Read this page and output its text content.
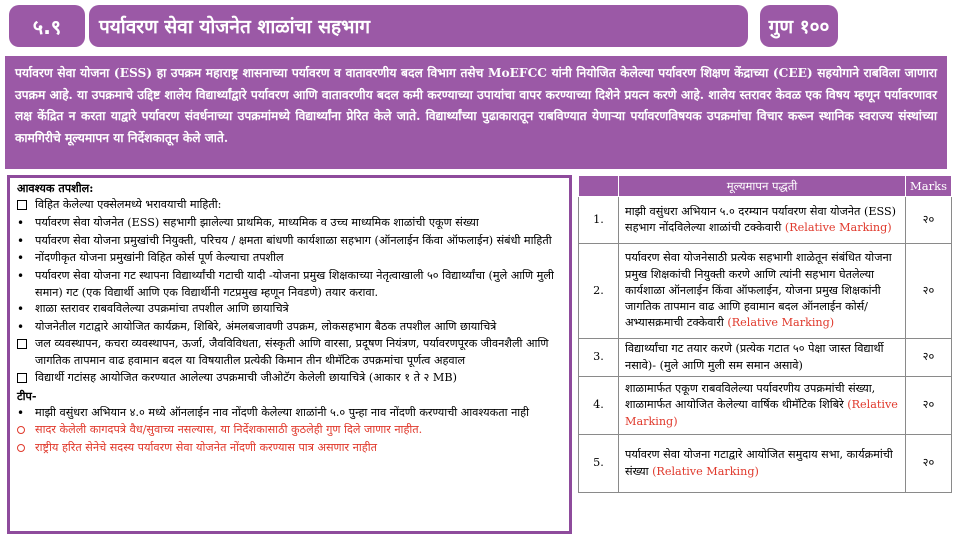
५.९	पर्यावरण सेवा योजनेत शाळांचा सहभाग	गुण १००
पर्यावरण सेवा योजना (ESS) हा उपक्रम महाराष्ट्र शासनाच्या पर्यावरण व वातावरणीय बदल विभाग तसेच MoEFCC यांनी नियोजित केलेल्या पर्यावरण शिक्षण केंद्राच्या (CEE) सहयोगाने राबविला जाणारा उपक्रम आहे. या उपक्रमाचे उद्दिष्ट शालेय विद्यार्थ्यांद्वारे पर्यावरण आणि वातावरणीय बदल कमी करण्याच्या उपायांचा वापर करण्याच्या दिशेने प्रयत्न करणे आहे. शालेय स्तरावर केवळ एक विषय म्हणून पर्यावरणावर लक्ष केंद्रित न करता याद्वारे पर्यावरण संवर्धनाच्या उपक्रमांमध्ये विद्यार्थ्यांना प्रेरित केले जाते. विद्यार्थ्यांच्या पुढाकारातून राबविण्यात येणाऱ्या पर्यावरणविषयक उपक्रमांचा विचार करून स्थानिक स्वराज्य संस्थांच्या कामगिरीचे मूल्यमापन या निर्देशकातून केले जाते.
आवश्यक तपशील:
विहित केलेल्या एक्सेलमध्ये भरावयाची माहिती:
• पर्यावरण सेवा योजनेत (ESS) सहभागी झालेल्या प्राथमिक, माध्यमिक व उच्च माध्यमिक शाळांची एकूण संख्या
• पर्यावरण सेवा योजना प्रमुखांची नियुक्ती, परिचय / क्षमता बांधणी कार्यशाळा सहभाग (ऑनलाईन किंवा ऑफलाईन) संबंधी माहिती
• नोंदणीकृत योजना प्रमुखांनी विहित कोर्स पूर्ण केल्याचा तपशील
• पर्यावरण सेवा योजना गट स्थापना विद्यार्थ्यांची गटाची यादी -योजना प्रमुख शिक्षकाच्या नेतृत्वाखाली ५० विद्यार्थ्यांचा (मुले आणि मुली समान) गट (एक विद्यार्थी आणि एक विद्यार्थीनी गटप्रमुख म्हणून निवडणे) तयार करावा.
• शाळा स्तरावर राबवविलेल्या उपक्रमांचा तपशील आणि छायाचित्रे
• योजनेतील गटाद्वारे आयोजित कार्यक्रम, शिबिरे, अंमलबजावणी उपक्रम, लोकसहभाग बैठक तपशील आणि छायाचित्रे
जल व्यवस्थापन, कचरा व्यवस्थापन, ऊर्जा, जैवविविधता, संस्कृती आणि वारसा, प्रदूषण नियंत्रण, पर्यावरणपूरक जीवनशैली आणि जागतिक तापमान वाढ हवामान बदल या विषयातील प्रत्येकी किमान तीन थीमॅटिक उपक्रमांचा पूर्णत्व अहवाल
विद्यार्थी गटांसह आयोजित करण्यात आलेल्या उपक्रमाची जीओटॅग केलेली छायाचित्रे (आकार १ ते २ MB)
टीप-
• माझी वसुंधरा अभियान ४.० मध्ये ऑनलाईन नाव नोंदणी केलेल्या शाळांनी ५.० पुन्हा नाव नोंदणी करण्याची आवश्यकता नाही
सादर केलेली कागदपत्रे वैध/सुवाच्य नसल्यास, या निर्देशकासाठी कुठलेही गुण दिले जाणार नाहीत.
राष्ट्रीय हरित सेनेचे सदस्य पर्यावरण सेवा योजनेत नोंदणी करण्यास पात्र असणार नाहीत
	मूल्यमापन पद्धती	Marks
1.	माझी वसुंधरा अभियान ५.० दरम्यान पर्यावरण सेवा योजनेत (ESS) सहभाग नोंदविलेल्या शाळांची टक्केवारी (Relative Marking)	२०
2.	पर्यावरण सेवा योजनेसाठी प्रत्येक सहभागी शाळेतून संबंधित योजना प्रमुख शिक्षकांची नियुक्ती करणे आणि त्यांनी सहभाग घेतलेल्या कार्यशाळा ऑनलाईन किंवा ऑफलाईन, योजना प्रमुख शिक्षकांनी जागतिक तापमान वाढ आणि हवामान बदल ऑनलाईन कोर्स/ अभ्यासक्रमाची टक्केवारी (Relative Marking)	२०
3.	विद्यार्थ्यांचा गट तयार करणे (प्रत्येक गटात ५० पेक्षा जास्त विद्यार्थी नसावे)- (मुले आणि मुली सम समान असावे)	२०
4.	शाळामार्फत एकूण राबवविलेल्या पर्यावरणीय उपक्रमांची संख्या, शाळामार्फत आयोजित केलेल्या वार्षिक थीमॅटिक शिबिरे (Relative Marking)	२०
5.	पर्यावरण सेवा योजना गटाद्वारे आयोजित समुदाय सभा, कार्यक्रमांची संख्या (Relative Marking)	२०
